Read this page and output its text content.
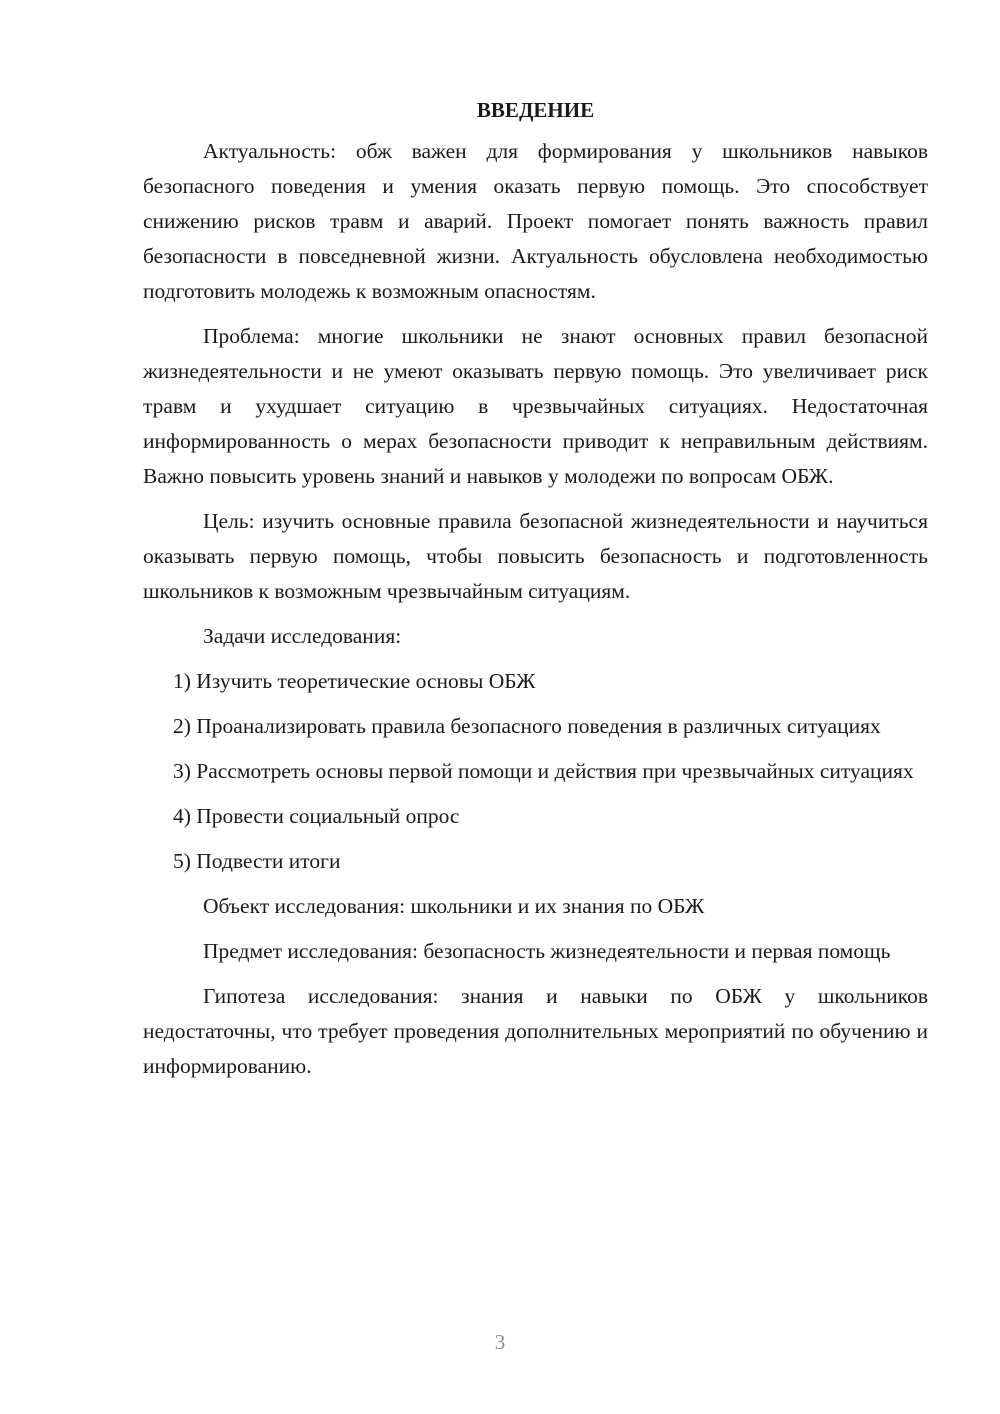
ВВЕДЕНИЕ

Актуальность: обж важен для формирования у школьников навыков безопасного поведения и умения оказать первую помощь. Это способствует снижению рисков травм и аварий. Проект помогает понять важность правил безопасности в повседневной жизни. Актуальность обусловлена необходимостью подготовить молодежь к возможным опасностям.

Проблема: многие школьники не знают основных правил безопасной жизнедеятельности и не умеют оказывать первую помощь. Это увеличивает риск травм и ухудшает ситуацию в чрезвычайных ситуациях. Недостаточная информированность о мерах безопасности приводит к неправильным действиям. Важно повысить уровень знаний и навыков у молодежи по вопросам ОБЖ.

Цель: изучить основные правила безопасной жизнедеятельности и научиться оказывать первую помощь, чтобы повысить безопасность и подготовленность школьников к возможным чрезвычайным ситуациям.

Задачи исследования:

1) Изучить теоретические основы ОБЖ

2) Проанализировать правила безопасного поведения в различных ситуациях

3) Рассмотреть основы первой помощи и действия при чрезвычайных ситуациях

4) Провести социальный опрос

5) Подвести итоги

Объект исследования: школьники и их знания по ОБЖ

Предмет исследования: безопасность жизнедеятельности и первая помощь

Гипотеза исследования: знания и навыки по ОБЖ у школьников недостаточны, что требует проведения дополнительных мероприятий по обучению и информированию.

3
